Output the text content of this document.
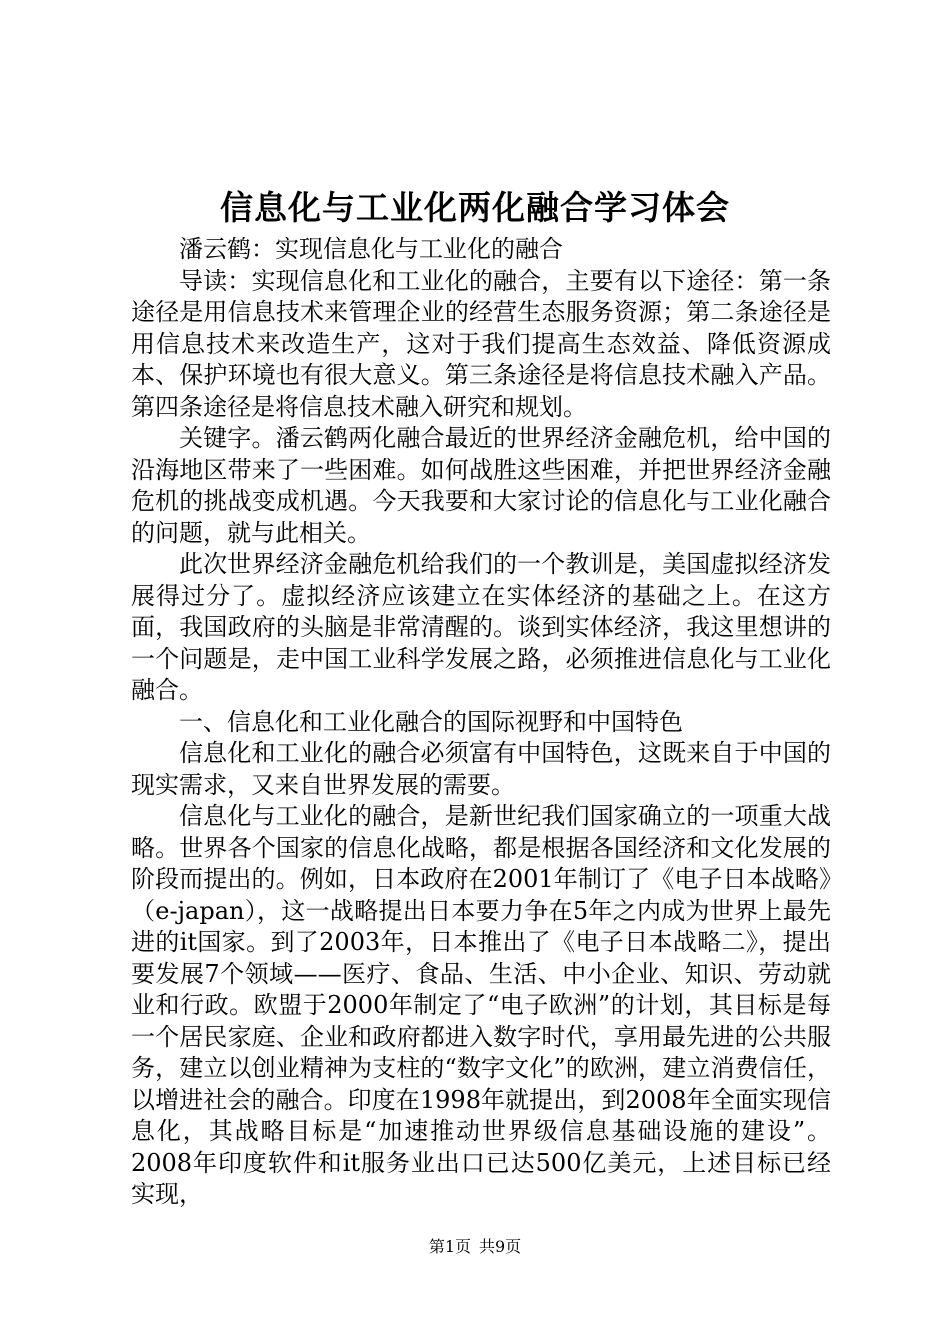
信息化与工业化两化融合学习体会

潘云鹤：实现信息化与工业化的融合

导读：实现信息化和工业化的融合，主要有以下途径：第一条途径是用信息技术来管理企业的经营生态服务资源；第二条途径是用信息技术来改造生产，这对于我们提高生态效益、降低资源成本、保护环境也有很大意义。第三条途径是将信息技术融入产品。第四条途径是将信息技术融入研究和规划。

关键字。潘云鹤两化融合最近的世界经济金融危机，给中国的沿海地区带来了一些困难。如何战胜这些困难，并把世界经济金融危机的挑战变成机遇。今天我要和大家讨论的信息化与工业化融合的问题，就与此相关。

此次世界经济金融危机给我们的一个教训是，美国虚拟经济发展得过分了。虚拟经济应该建立在实体经济的基础之上。在这方面，我国政府的头脑是非常清醒的。谈到实体经济，我这里想讲的一个问题是，走中国工业科学发展之路，必须推进信息化与工业化融合。

一、信息化和工业化融合的国际视野和中国特色

信息化和工业化的融合必须富有中国特色，这既来自于中国的现实需求，又来自世界发展的需要。

信息化与工业化的融合，是新世纪我们国家确立的一项重大战略。世界各个国家的信息化战略，都是根据各国经济和文化发展的阶段而提出的。例如，日本政府在2001年制订了《电子日本战略》（e-japan），这一战略提出日本要力争在5年之内成为世界上最先进的it国家。到了2003年，日本推出了《电子日本战略二》，提出要发展7个领域——医疗、食品、生活、中小企业、知识、劳动就业和行政。欧盟于2000年制定了“电子欧洲”的计划，其目标是每一个居民家庭、企业和政府都进入数字时代，享用最先进的公共服务，建立以创业精神为支柱的“数字文化”的欧洲，建立消费信任，以增进社会的融合。印度在1998年就提出，到2008年全面实现信息化，其战略目标是“加速推动世界级信息基础设施的建设”。2008年印度软件和it服务业出口已达500亿美元，上述目标已经实现，

第1页 共9页
